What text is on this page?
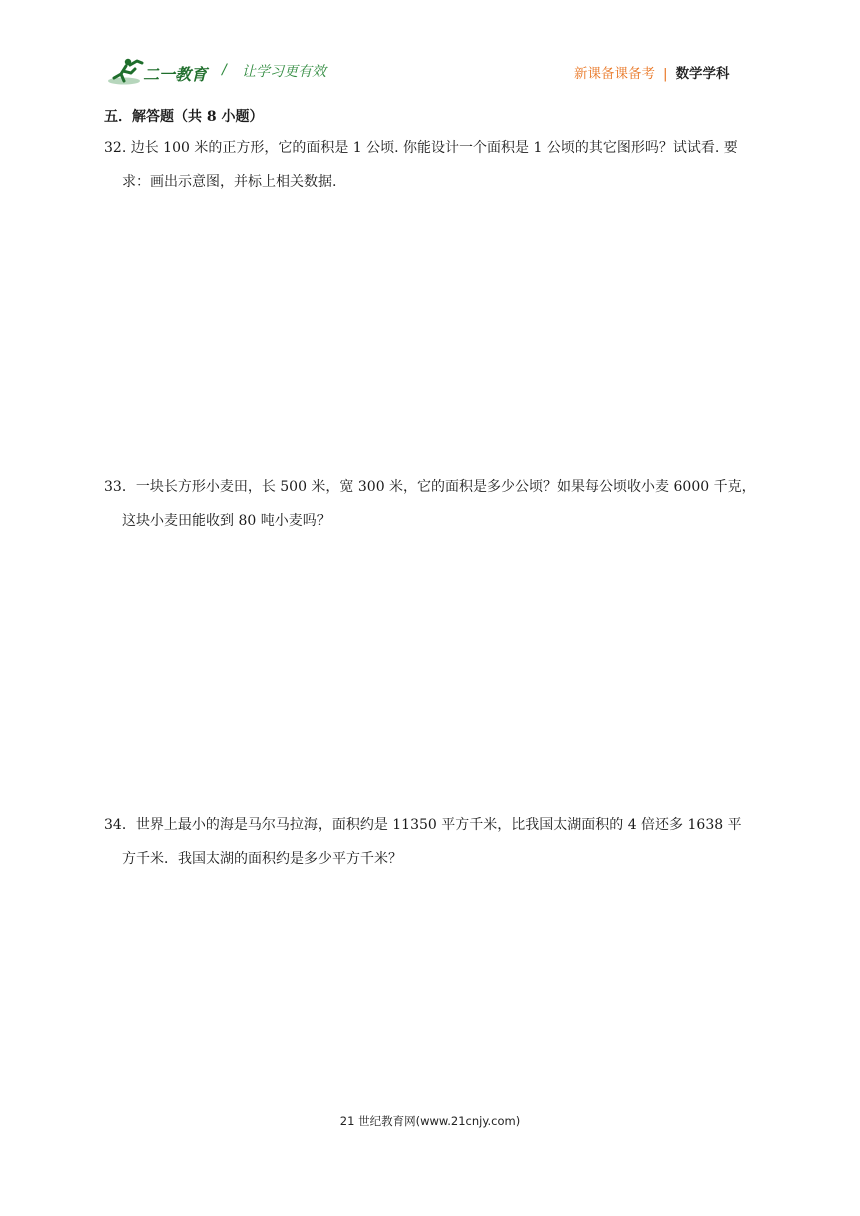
二一教育 / 让学习更有效	新课备课备考 | 数学学科
五．解答题（共 8 小题）
32. 边长 100 米的正方形，它的面积是 1 公顷. 你能设计一个面积是 1 公顷的其它图形吗？试试看. 要
求：画出示意图，并标上相关数据.
33．一块长方形小麦田，长 500 米，宽 300 米，它的面积是多少公顷？如果每公顷收小麦 6000 千克，
这块小麦田能收到 80 吨小麦吗？
34．世界上最小的海是马尔马拉海，面积约是 11350 平方千米，比我国太湖面积的 4 倍还多 1638 平
方千米．我国太湖的面积约是多少平方千米？
21 世纪教育网(www.21cnjy.com)
